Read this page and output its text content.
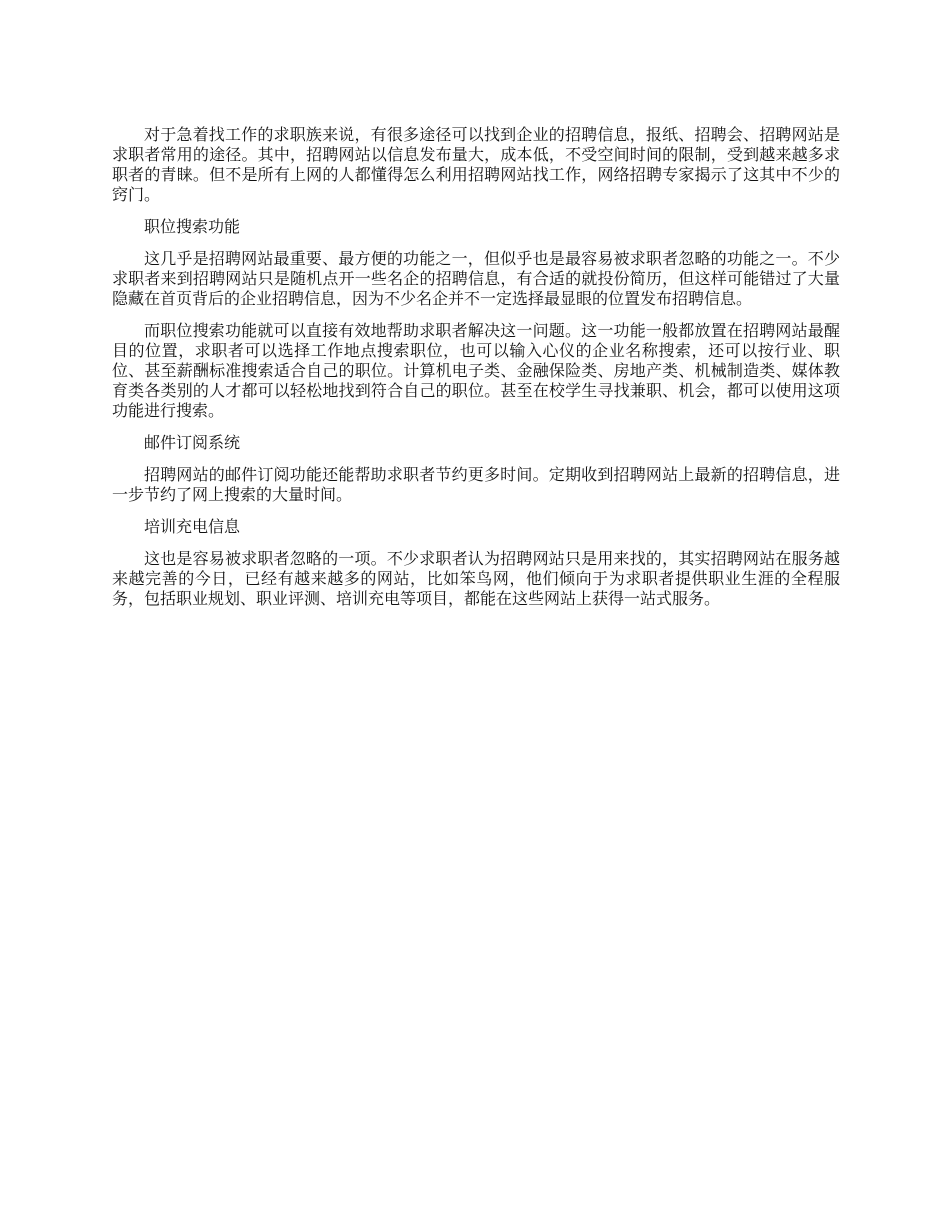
对于急着找工作的求职族来说，有很多途径可以找到企业的招聘信息，报纸、招聘会、招聘网站是求职者常用的途径。其中，招聘网站以信息发布量大，成本低，不受空间时间的限制，受到越来越多求职者的青睐。但不是所有上网的人都懂得怎么利用招聘网站找工作，网络招聘专家揭示了这其中不少的窍门。

职位搜索功能

这几乎是招聘网站最重要、最方便的功能之一，但似乎也是最容易被求职者忽略的功能之一。不少求职者来到招聘网站只是随机点开一些名企的招聘信息，有合适的就投份简历，但这样可能错过了大量隐藏在首页背后的企业招聘信息，因为不少名企并不一定选择最显眼的位置发布招聘信息。

而职位搜索功能就可以直接有效地帮助求职者解决这一问题。这一功能一般都放置在招聘网站最醒目的位置，求职者可以选择工作地点搜索职位，也可以输入心仪的企业名称搜索，还可以按行业、职位、甚至薪酬标准搜索适合自己的职位。计算机电子类、金融保险类、房地产类、机械制造类、媒体教育类各类别的人才都可以轻松地找到符合自己的职位。甚至在校学生寻找兼职、机会，都可以使用这项功能进行搜索。

邮件订阅系统

招聘网站的邮件订阅功能还能帮助求职者节约更多时间。定期收到招聘网站上最新的招聘信息，进一步节约了网上搜索的大量时间。

培训充电信息

这也是容易被求职者忽略的一项。不少求职者认为招聘网站只是用来找的，其实招聘网站在服务越来越完善的今日，已经有越来越多的网站，比如笨鸟网，他们倾向于为求职者提供职业生涯的全程服务，包括职业规划、职业评测、培训充电等项目，都能在这些网站上获得一站式服务。
